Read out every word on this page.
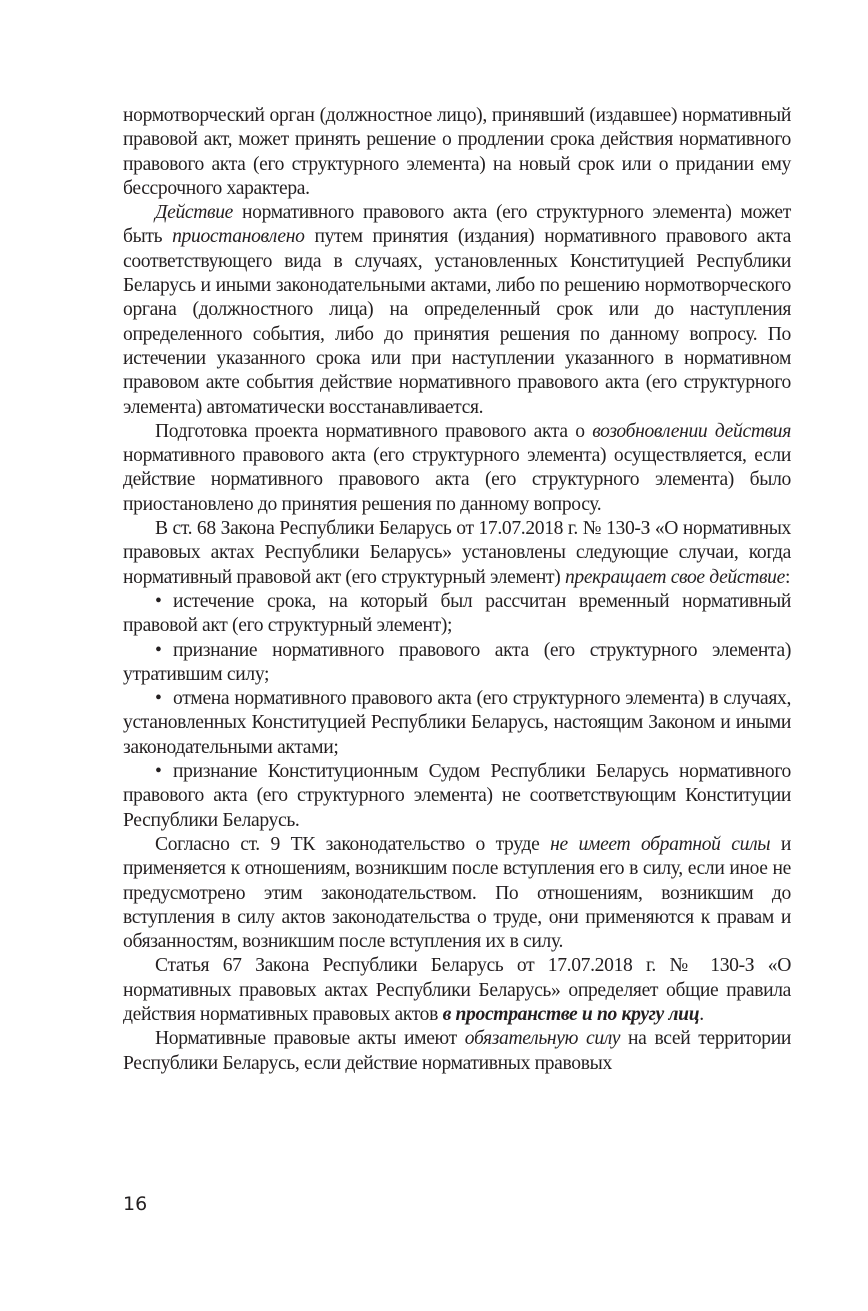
нормотворческий орган (должностное лицо), принявший (издавшее) нормативный правовой акт, может принять решение о продлении срока действия нормативного правового акта (его структурного элемента) на новый срок или о придании ему бессрочного характера.

Действие нормативного правового акта (его структурного элемента) может быть приостановлено путем принятия (издания) нормативного правового акта соответствующего вида в случаях, установленных Конституцией Республики Беларусь и иными законодательными актами, либо по решению нормотворческого органа (должностного лица) на определенный срок или до наступления определенного события, либо до принятия решения по данному вопросу. По истечении указанного срока или при наступлении указанного в нормативном правовом акте события действие нормативного правового акта (его структурного элемента) автоматически восстанавливается.

Подготовка проекта нормативного правового акта о возобновлении действия нормативного правового акта (его структурного элемента) осуществляется, если действие нормативного правового акта (его структурного элемента) было приостановлено до принятия решения по данному вопросу.

В ст. 68 Закона Республики Беларусь от 17.07.2018 г. № 130-З «О нормативных правовых актах Республики Беларусь» установлены следующие случаи, когда нормативный правовой акт (его структурный элемент) прекращает свое действие:

• истечение срока, на который был рассчитан временный нормативный правовой акт (его структурный элемент);

• признание нормативного правового акта (его структурного элемента) утратившим силу;

• отмена нормативного правового акта (его структурного элемента) в случаях, установленных Конституцией Республики Беларусь, настоящим Законом и иными законодательными актами;

• признание Конституционным Судом Республики Беларусь нормативного правового акта (его структурного элемента) не соответствующим Конституции Республики Беларусь.

Согласно ст. 9 ТК законодательство о труде не имеет обратной силы и применяется к отношениям, возникшим после вступления его в силу, если иное не предусмотрено этим законодательством. По отношениям, возникшим до вступления в силу актов законодательства о труде, они применяются к правам и обязанностям, возникшим после вступления их в силу.

Статья 67 Закона Республики Беларусь от 17.07.2018 г. № 130-З «О нормативных правовых актах Республики Беларусь» определяет общие правила действия нормативных правовых актов в пространстве и по кругу лиц.

Нормативные правовые акты имеют обязательную силу на всей территории Республики Беларусь, если действие нормативных правовых

16
